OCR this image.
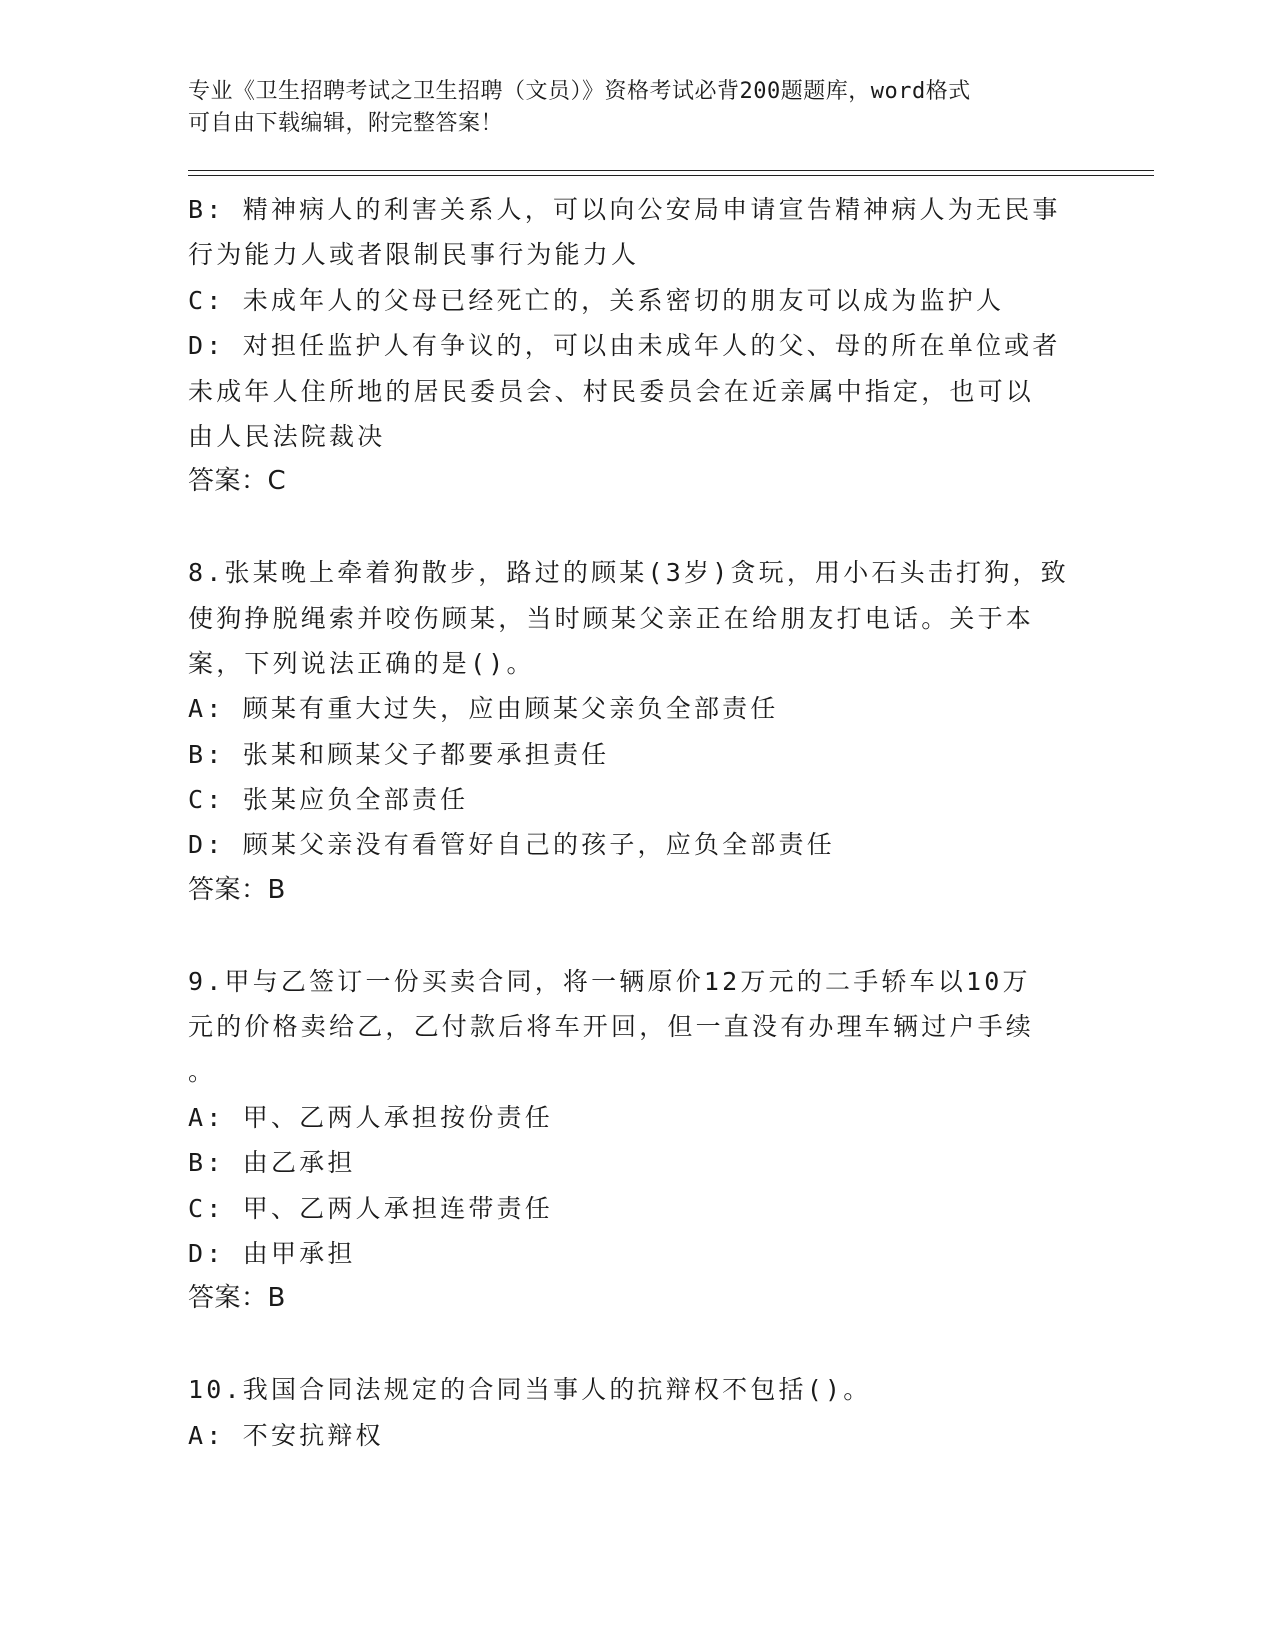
专业《卫生招聘考试之卫生招聘（文员）》资格考试必背200题题库，word格式
可自由下载编辑，附完整答案！
B: 精神病人的利害关系人，可以向公安局申请宣告精神病人为无民事
行为能力人或者限制民事行为能力人
C: 未成年人的父母已经死亡的，关系密切的朋友可以成为监护人
D: 对担任监护人有争议的，可以由未成年人的父、母的所在单位或者
未成年人住所地的居民委员会、村民委员会在近亲属中指定，也可以
由人民法院裁决
答案：C
8.张某晚上牵着狗散步，路过的顾某(3岁)贪玩，用小石头击打狗，致
使狗挣脱绳索并咬伤顾某，当时顾某父亲正在给朋友打电话。关于本
案，下列说法正确的是()。
A: 顾某有重大过失，应由顾某父亲负全部责任
B: 张某和顾某父子都要承担责任
C: 张某应负全部责任
D: 顾某父亲没有看管好自己的孩子，应负全部责任
答案：B
9.甲与乙签订一份买卖合同，将一辆原价12万元的二手轿车以10万
元的价格卖给乙，乙付款后将车开回，但一直没有办理车辆过户手续
。
A: 甲、乙两人承担按份责任
B: 由乙承担
C: 甲、乙两人承担连带责任
D: 由甲承担
答案：B
10.我国合同法规定的合同当事人的抗辩权不包括()。
A: 不安抗辩权
